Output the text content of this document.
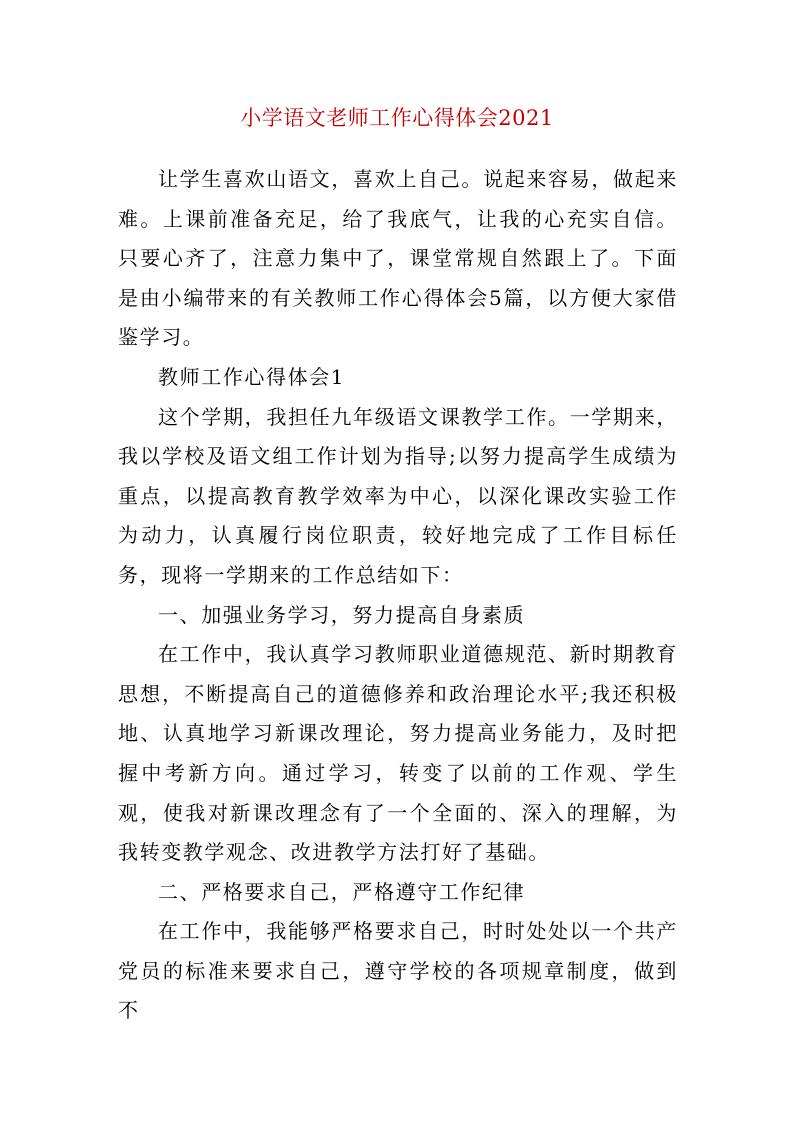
小学语文老师工作心得体会2021

让学生喜欢山语文，喜欢上自己。说起来容易，做起来难。上课前准备充足，给了我底气，让我的心充实自信。只要心齐了，注意力集中了，课堂常规自然跟上了。下面是由小编带来的有关教师工作心得体会5篇，以方便大家借鉴学习。

教师工作心得体会1

这个学期，我担任九年级语文课教学工作。一学期来，我以学校及语文组工作计划为指导;以努力提高学生成绩为重点，以提高教育教学效率为中心，以深化课改实验工作为动力，认真履行岗位职责，较好地完成了工作目标任务，现将一学期来的工作总结如下：

一、加强业务学习，努力提高自身素质

在工作中，我认真学习教师职业道德规范、新时期教育思想，不断提高自己的道德修养和政治理论水平;我还积极地、认真地学习新课改理论，努力提高业务能力，及时把握中考新方向。通过学习，转变了以前的工作观、学生观，使我对新课改理念有了一个全面的、深入的理解，为我转变教学观念、改进教学方法打好了基础。

二、严格要求自己，严格遵守工作纪律

在工作中，我能够严格要求自己，时时处处以一个共产党员的标准来要求自己，遵守学校的各项规章制度，做到不
